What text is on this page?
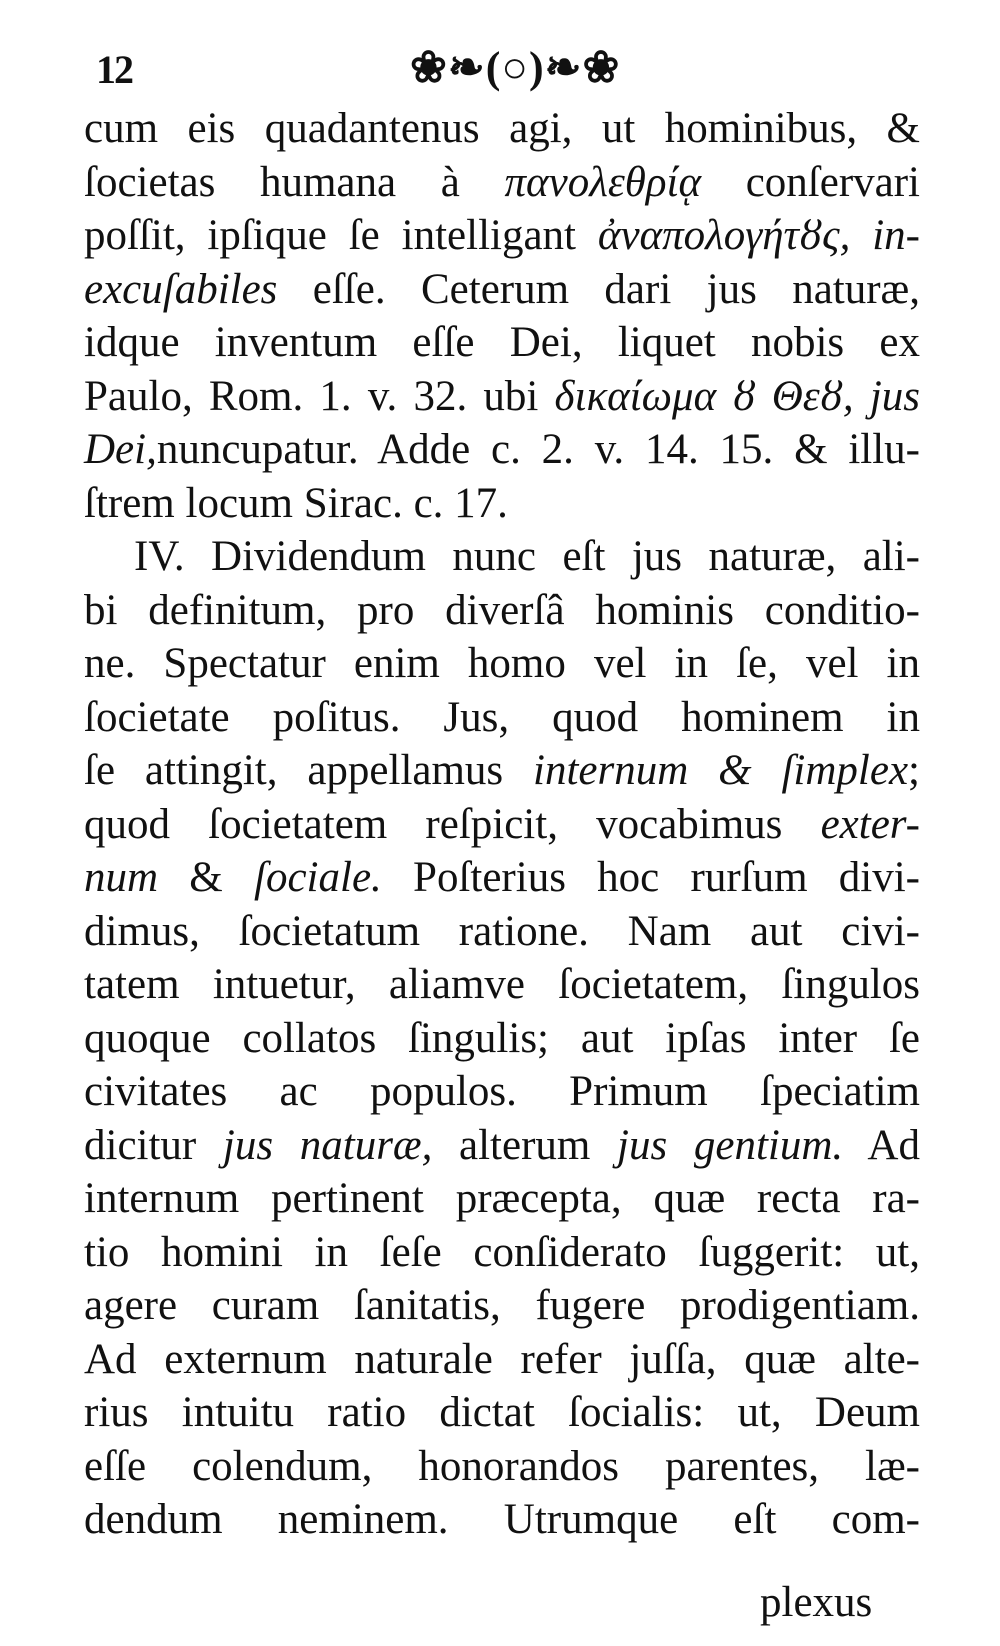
12	❀❧(○)❧❀
cum eis quadantenus agi, ut hominibus, &
ſocietas humana à πανολεθρίᾳ conſervari
poſſit, ipſique ſe intelligant ἀναπολογήτȣς, in-
excuſabiles eſſe. Ceterum dari jus naturæ,
idque inventum eſſe Dei, liquet nobis ex
Paulo, Rom. 1. v. 32. ubi δικαίωμα ȣ Θεȣ, jus
Dei,nuncupatur. Adde c. 2. v. 14. 15. & illu-
ſtrem locum Sirac. c. 17.
IV. Dividendum nunc eſt jus naturæ, ali-
bi definitum, pro diverſâ hominis conditio-
ne. Spectatur enim homo vel in ſe, vel in
ſocietate poſitus. Jus, quod hominem in
ſe attingit, appellamus internum & ſimplex;
quod ſocietatem reſpicit, vocabimus exter-
num & ſociale. Poſterius hoc rurſum divi-
dimus, ſocietatum ratione. Nam aut civi-
tatem intuetur, aliamve ſocietatem, ſingulos
quoque collatos ſingulis; aut ipſas inter ſe
civitates ac populos. Primum ſpeciatim
dicitur jus naturæ, alterum jus gentium. Ad
internum pertinent præcepta, quæ recta ra-
tio homini in ſeſe conſiderato ſuggerit: ut,
agere curam ſanitatis, fugere prodigentiam.
Ad externum naturale refer juſſa, quæ alte-
rius intuitu ratio dictat ſocialis: ut, Deum
eſſe colendum, honorandos parentes, læ-
dendum neminem. Utrumque eſt com-
plexus
